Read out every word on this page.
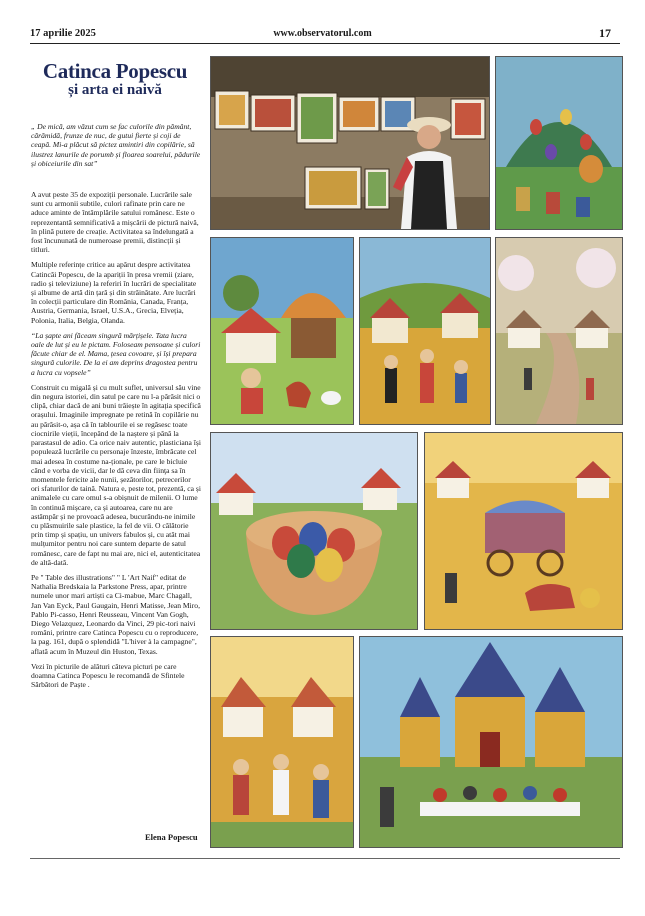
17 aprilie 2025	www.observatorul.com	17
Catinca Popescu
și arta ei naivă

„ De mică, am văzut cum se fac culorile din pământ, cărămidă, frunze de nuc, de gutui fierte și coji de ceapă. Mi-a plăcut să pictez amintiri din copilărie, să ilustrez lanurile de porumb și floarea soarelui, pădurile și obiceiurile din sat”

A avut peste 35 de expoziții personale. Lucrările sale sunt cu armonii subtile, culori rafinate prin care ne aduce aminte de întâmplările satului românesc. Este o reprezentantă semnificativă a mișcării de pictură naivă, în plină putere de creație. Activitatea sa îndelungată a fost încununată de numeroase premii, distincții și titluri.

Multiple referințe critice au apărut despre activitatea Catincăi Popescu, de la apariții în presa vremii (ziare, radio și televiziune) la referiri în lucrări de specialitate și albume de artă din țară și din străinătate. Are lucrări în colecții particulare din România, Canada, Franța, Austria, Germania, Israel, U.S.A., Grecia, Elveția, Polonia, Italia, Belgia, Olanda.

“La șapte ani făceam singură mărțișele. Tata lucra oale de lut și eu le pictam. Foloseam pensoane și culori făcute chiar de el. Mama, țesea covoare, și își prepara singură culorile. De la ei am deprins dragostea pentru a lucra cu vopsele”

Construit cu migală și cu mult suflet, universul său vine din negura istoriei, din satul pe care nu l-a părăsit nici o clipă, chiar dacă de ani buni trăiește în agitația specifică orașului. Imaginile impregnate pe retină în copilărie nu au părăsit-o, așa că în tablourile ei se regăsesc toate ciocnirile vieții, începând de la naștere și până la parastasul de adio. Ca orice naiv autentic, plasticiana își populează lucrările cu personaje înzeste, îmbrăcate cel mai adesea în costume na-ționale, pe care le bicluie când e vorba de vicii, dar le dă ceva din fiinţa sa în momentele fericite ale nunii, șezătorilor, petrecerilor ori sfaturilor de taină. Natura e, peste tot, prezentă, ca și animalele cu care omul s-a obișnuit de milenii. O lume în continuă mișcare, ca și autoarea, care nu are astâmpăr și ne provoacă adesea, bucurându-ne inimile cu plăsmuirile sale plastice, la fel de vii. O călătorie prin timp și spațiu, un univers fabulos și, cu atât mai mulțumitor pentru noi care suntem departe de satul românesc, care de fapt nu mai are, nici el, autenticitatea de altă-dată.

Pe " Table des illustrations" " L 'Art Naif" editat de Nathalia Bredskaia la Parkstone Press, apar, printre numele unor mari artiști ca Ci-mabue, Marc Chagall, Jan Van Eyck, Paul Gaugain, Henri Matisse, Jean Miro, Pablo Pi-casso, Henri Reusseau, Vincent Van Gogh, Diego Velazquez, Leonardo da Vinci, 29 pic-tori naivi români, printre care Catinca Popescu cu o reproducere, la pag. 161, după o splendidă "L'hiver à la campagne", aflată acum în Muzeul din Huston, Texas.

Vezi în picturile de alături câteva picturi pe care doamna Catinca Popescu le recomandă de Sfintele Sărbători de Paște .

Elena Popescu
